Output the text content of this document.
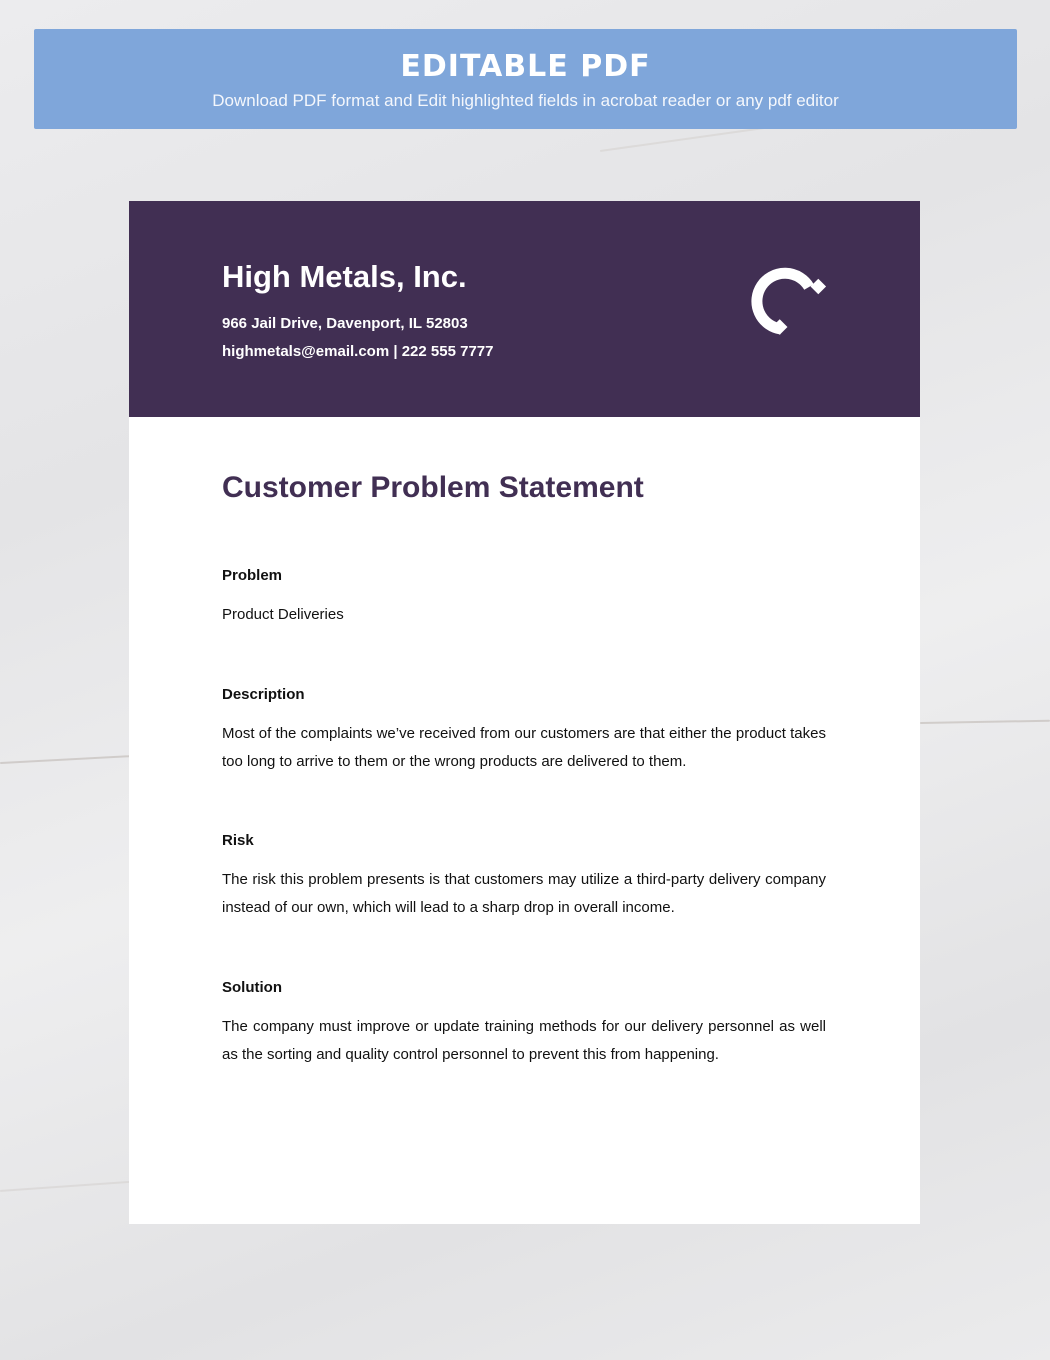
EDITABLE PDF
Download PDF format and Edit highlighted fields in acrobat reader or any pdf editor
High Metals, Inc.
966 Jail Drive, Davenport, IL 52803
highmetals@email.com | 222 555 7777
Customer Problem Statement
Problem
Product Deliveries
Description
Most of the complaints we’ve received from our customers are that either the product takes too long to arrive to them or the wrong products are delivered to them.
Risk
The risk this problem presents is that customers may utilize a third-party delivery company instead of our own, which will lead to a sharp drop in overall income.
Solution
The company must improve or update training methods for our delivery personnel as well as the sorting and quality control personnel to prevent this from happening.
